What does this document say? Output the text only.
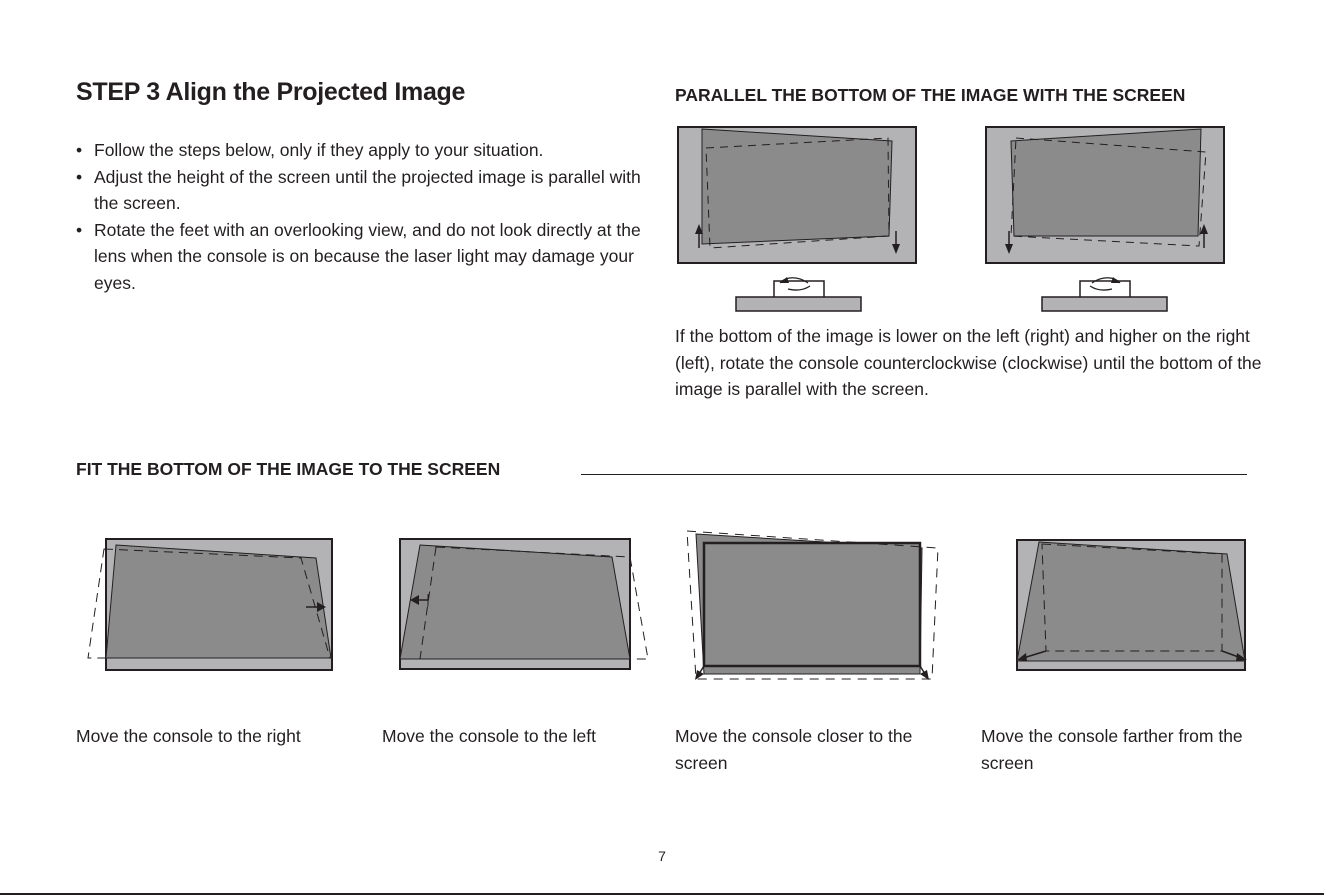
STEP 3 Align the Projected Image
• Follow the steps below, only if they apply to your situation.
• Adjust the height of the screen until the projected image is parallel with the screen.
• Rotate the feet with an overlooking view, and do not look directly at the lens when the console is on because the laser light may damage your eyes.
PARALLEL THE BOTTOM OF THE IMAGE WITH THE SCREEN
If the bottom of the image is lower on the left (right) and higher on the right (left), rotate the console counterclockwise (clockwise) until the bottom of the image is parallel with the screen.
FIT THE BOTTOM OF THE IMAGE TO THE SCREEN
Move the console to the right	Move the console to the left	Move the console closer to the screen
Move the console farther from the screen
7
